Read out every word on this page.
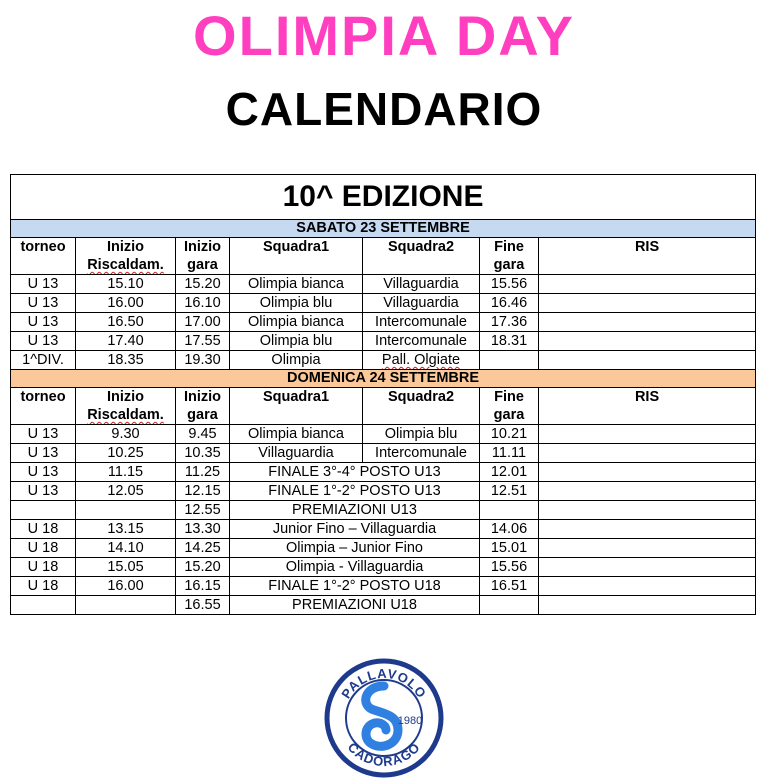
OLIMPIA DAY
CALENDARIO
10^ EDIZIONE						
SABATO 23 SETTEMBRE						
torneo	Inizio Riscaldam.	Inizio gara	Squadra1	Squadra2	Fine gara	RIS
U 13	15.10	15.20	Olimpia bianca	Villaguardia	15.56	
U 13	16.00	16.10	Olimpia blu	Villaguardia	16.46	
U 13	16.50	17.00	Olimpia bianca	Intercomunale	17.36	
U 13	17.40	17.55	Olimpia blu	Intercomunale	18.31	
1^DIV.	18.35	19.30	Olimpia	Pall. Olgiate		
DOMENICA 24 SETTEMBRE						
torneo	Inizio Riscaldam.	Inizio gara	Squadra1	Squadra2	Fine gara	RIS
U 13	9.30	9.45	Olimpia bianca	Olimpia blu	10.21	
U 13	10.25	10.35	Villaguardia	Intercomunale	11.11	
U 13	11.15	11.25	FINALE 3°-4° POSTO U13		12.01	
U 13	12.05	12.15	FINALE 1°-2° POSTO U13		12.51	
		12.55	PREMIAZIONI U13			
U 18	13.15	13.30	Junior Fino – Villaguardia		14.06	
U 18	14.10	14.25	Olimpia – Junior Fino		15.01	
U 18	15.05	15.20	Olimpia - Villaguardia		15.56	
U 18	16.00	16.15	FINALE 1°-2° POSTO U18		16.51	
		16.55	PREMIAZIONI U18			
PALLAVOLO
CADORAGO
1980
